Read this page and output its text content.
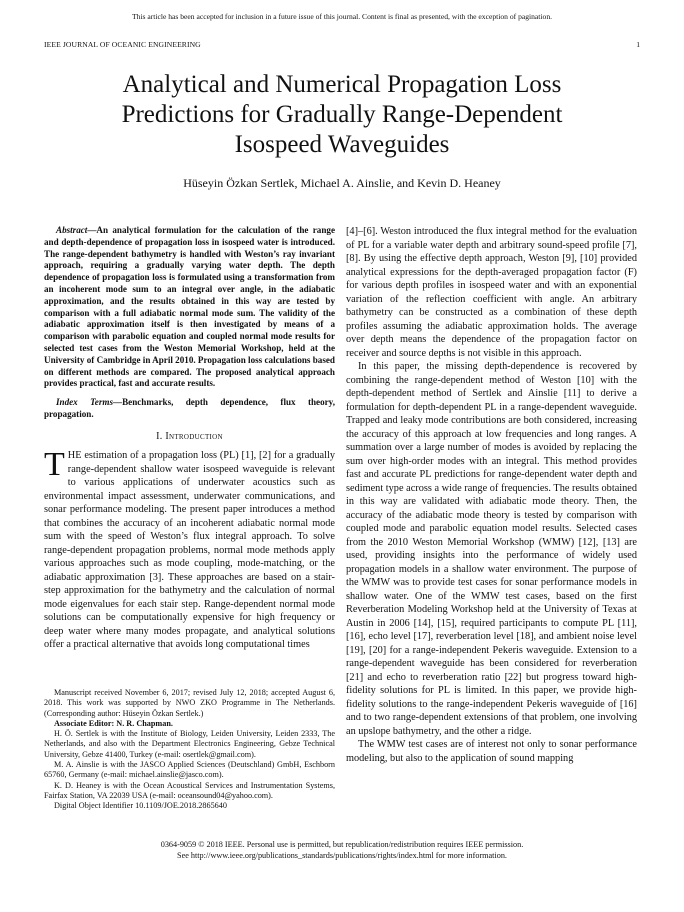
This article has been accepted for inclusion in a future issue of this journal. Content is final as presented, with the exception of pagination.
IEEE JOURNAL OF OCEANIC ENGINEERING	1
Analytical and Numerical Propagation Loss
Predictions for Gradually Range-Dependent
Isospeed Waveguides
Hüseyin Özkan Sertlek, Michael A. Ainslie, and Kevin D. Heaney

Abstract—An analytical formulation for the calculation of the range and depth-dependence of propagation loss in isospeed water is introduced. The range-dependent bathymetry is handled with Weston’s ray invariant approach, requiring a gradually varying water depth. The depth dependence of propagation loss is formulated using a transformation from an incoherent mode sum to an integral over angle, in the adiabatic approximation, and the results obtained in this way are tested by comparison with a full adiabatic normal mode sum. The validity of the adiabatic approximation itself is then investigated by means of a comparison with parabolic equation and coupled normal mode results for selected test cases from the Weston Memorial Workshop, held at the University of Cambridge in April 2010. Propagation loss calculations based on different methods are compared. The proposed analytical approach provides practical, fast and accurate results.

Index Terms—Benchmarks, depth dependence, flux theory, propagation.

I. Introduction

THE estimation of a propagation loss (PL) [1], [2] for a gradually range-dependent shallow water isospeed waveguide is relevant to various applications of underwater acoustics such as environmental impact assessment, underwater communications, and sonar performance modeling. The present paper introduces a method that combines the accuracy of an incoherent adiabatic normal mode sum with the speed of Weston’s flux integral approach. To solve range-dependent propagation problems, normal mode methods apply various approaches such as mode coupling, mode-matching, or the adiabatic approximation [3]. These approaches are based on a stair-step approximation for the bathymetry and the calculation of normal mode eigenvalues for each stair step. Range-dependent normal mode solutions can be computationally expensive for high frequency or deep water where many modes propagate, and analytical solutions offer a practical alternative that avoids long computational times

Manuscript received November 6, 2017; revised July 12, 2018; accepted August 6, 2018. This work was supported by NWO ZKO Programme in The Netherlands. (Corresponding author: Hüseyin Özkan Sertlek.)

Associate Editor: N. R. Chapman.

H. Ö. Sertlek is with the Institute of Biology, Leiden University, Leiden 2333, The Netherlands, and also with the Department Electronics Engineering, Gebze Technical University, Gebze 41400, Turkey (e-mail: osertlek@gmail.com).

M. A. Ainslie is with the JASCO Applied Sciences (Deutschland) GmbH, Eschborn 65760, Germany (e-mail: michael.ainslie@jasco.com).

K. D. Heaney is with the Ocean Acoustical Services and Instrumentation Systems, Fairfax Station, VA 22039 USA (e-mail: oceansound04@yahoo.com).

Digital Object Identifier 10.1109/JOE.2018.2865640

[4]–[6]. Weston introduced the flux integral method for the evaluation of PL for a variable water depth and arbitrary sound-speed profile [7], [8]. By using the effective depth approach, Weston [9], [10] provided analytical expressions for the depth-averaged propagation factor (F) for various depth profiles in isospeed water and with an exponential variation of the reflection coefficient with angle. An arbitrary bathymetry can be constructed as a combination of these depth profiles assuming the adiabatic approximation holds. The average over depth means the dependence of the propagation factor on receiver and source depths is not visible in this approach.

In this paper, the missing depth-dependence is recovered by combining the range-dependent method of Weston [10] with the depth-dependent method of Sertlek and Ainslie [11] to derive a formulation for depth-dependent PL in a range-dependent waveguide. Trapped and leaky mode contributions are both considered, increasing the accuracy of this approach at low frequencies and long ranges. A summation over a large number of modes is avoided by replacing the sum over high-order modes with an integral. This method provides fast and accurate PL predictions for range-dependent water depth and sediment type across a wide range of frequencies. The results obtained in this way are validated with adiabatic mode theory. Then, the accuracy of the adiabatic mode theory is tested by comparison with coupled mode and parabolic equation model results. Selected cases from the 2010 Weston Memorial Workshop (WMW) [12], [13] are used, providing insights into the performance of widely used propagation models in a shallow water environment. The purpose of the WMW was to provide test cases for sonar performance models in shallow water. One of the WMW test cases, based on the first Reverberation Modeling Workshop held at the University of Texas at Austin in 2006 [14], [15], required participants to compute PL [11], [16], echo level [17], reverberation level [18], and ambient noise level [19], [20] for a range-independent Pekeris waveguide. Extension to a range-dependent waveguide has been considered for reverberation [21] and echo to reverberation ratio [22] but progress toward high-fidelity solutions for PL is limited. In this paper, we provide high-fidelity solutions to the range-independent Pekeris waveguide of [16] and to two range-dependent extensions of that problem, one involving an upslope bathymetry, and the other a ridge.

The WMW test cases are of interest not only to sonar performance modeling, but also to the application of sound mapping

0364-9059 © 2018 IEEE. Personal use is permitted, but republication/redistribution requires IEEE permission.
See http://www.ieee.org/publications_standards/publications/rights/index.html for more information.
